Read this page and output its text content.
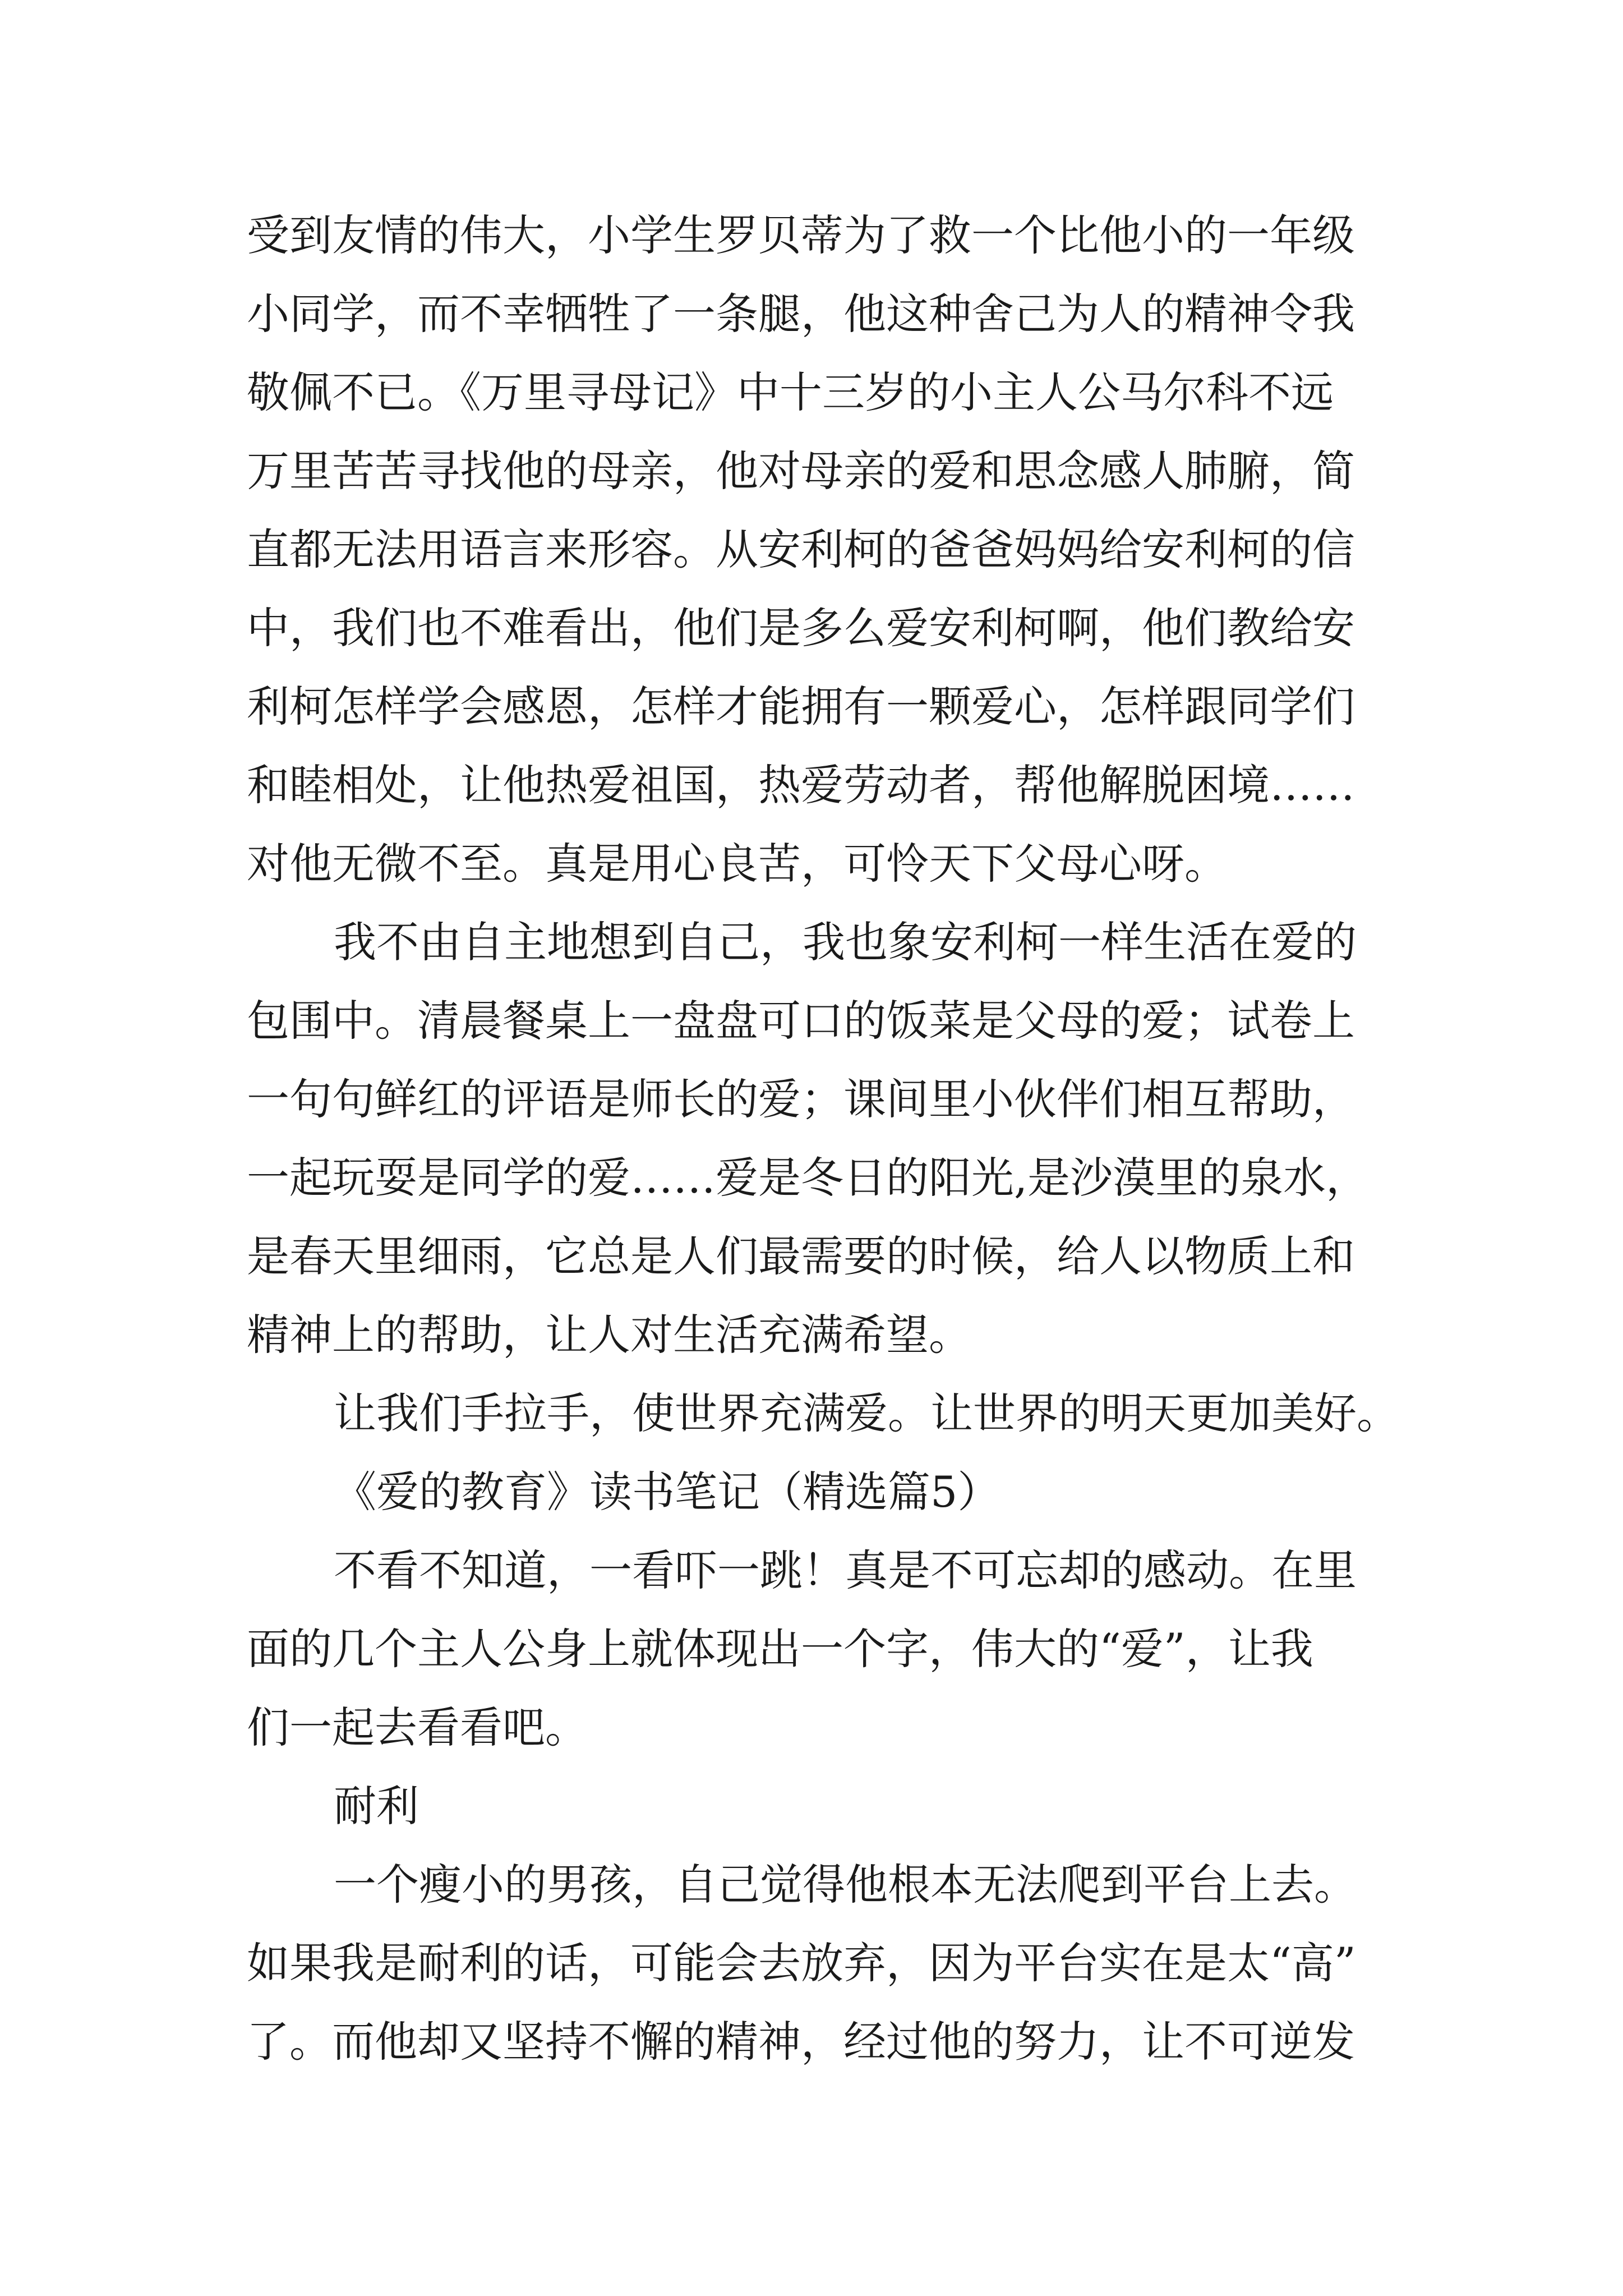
受到友情的伟大，小学生罗贝蒂为了救一个比他小的一年级
小同学，而不幸牺牲了一条腿，他这种舍己为人的精神令我
敬佩不已。《万里寻母记》中十三岁的小主人公马尔科不远
万里苦苦寻找他的母亲，他对母亲的爱和思念感人肺腑，简
直都无法用语言来形容。从安利柯的爸爸妈妈给安利柯的信
中，我们也不难看出，他们是多么爱安利柯啊，他们教给安
利柯怎样学会感恩，怎样才能拥有一颗爱心，怎样跟同学们
和睦相处，让他热爱祖国，热爱劳动者，帮他解脱困境……
对他无微不至。真是用心良苦，可怜天下父母心呀。
我不由自主地想到自己，我也象安利柯一样生活在爱的
包围中。清晨餐桌上一盘盘可口的饭菜是父母的爱；试卷上
一句句鲜红的评语是师长的爱；课间里小伙伴们相互帮助，
一起玩耍是同学的爱……爱是冬日的阳光,是沙漠里的泉水，
是春天里细雨，它总是人们最需要的时候，给人以物质上和
精神上的帮助，让人对生活充满希望。
让我们手拉手，使世界充满爱。让世界的明天更加美好。
《爱的教育》读书笔记（精选篇5）
不看不知道，一看吓一跳！真是不可忘却的感动。在里
面的几个主人公身上就体现出一个字，伟大的“爱”，让我
们一起去看看吧。
耐利
一个瘦小的男孩，自己觉得他根本无法爬到平台上去。
如果我是耐利的话，可能会去放弃，因为平台实在是太“高”
了。而他却又坚持不懈的精神，经过他的努力，让不可逆发
